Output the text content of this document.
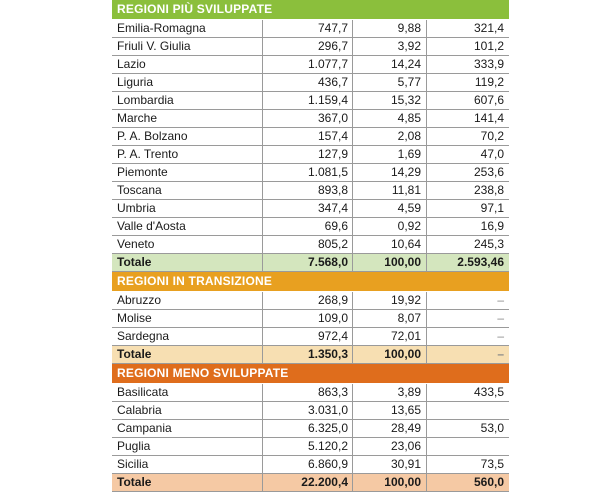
REGIONI PIÙ SVILUPPATE
Emilia-Romagna	747,7	9,88	321,4
Friuli V. Giulia	296,7	3,92	101,2
Lazio	1.077,7	14,24	333,9
Liguria	436,7	5,77	119,2
Lombardia	1.159,4	15,32	607,6
Marche	367,0	4,85	141,4
P. A. Bolzano	157,4	2,08	70,2
P. A. Trento	127,9	1,69	47,0
Piemonte	1.081,5	14,29	253,6
Toscana	893,8	11,81	238,8
Umbria	347,4	4,59	97,1
Valle d'Aosta	69,6	0,92	16,9
Veneto	805,2	10,64	245,3
Totale	7.568,0	100,00	2.593,46
REGIONI IN TRANSIZIONE
Abruzzo	268,9	19,92	–
Molise	109,0	8,07	–
Sardegna	972,4	72,01	–
Totale	1.350,3	100,00	–
REGIONI MENO SVILUPPATE
Basilicata	863,3	3,89	433,5
Calabria	3.031,0	13,65
Campania	6.325,0	28,49	53,0
Puglia	5.120,2	23,06
Sicilia	6.860,9	30,91	73,5
Totale	22.200,4	100,00	560,0
